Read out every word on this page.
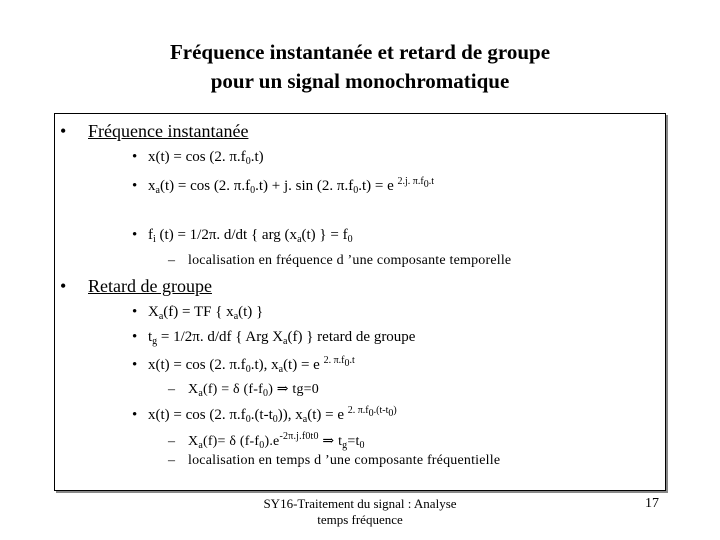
Fréquence instantanée et retard de groupe
pour un signal monochromatique
• Fréquence instantanée
• x(t) = cos (2. $\pi.f_0.t$)
• $x_a(t) = \cos (2$. $\pi.f_0.t) + j$. sin (2. $\pi.f_0.t) = e$ $^{2.j. \pi.f_0.t}$
• $f_i$ (t) = 1/2π. d/dt { arg ($x_a(t)$ } = $f_0$
– localisation en fréquence d ’une composante temporelle
• Retard de groupe
• $X_a(f)$ = TF { $x_a(t)$ }
• $t_g = 1/2\pi$. d/df { Arg $X_a(f)$ } retard de groupe
• x(t) = cos (2. $\pi.f_0.t$), $x_a(t) = e$ $^{2. \pi.f_0.t}$
– $X_a(f) = \delta$ $(f-f_0)$ ⇒ tg=0
• x(t) = cos (2. $\pi.f_0.(t-t_0)$), $x_a(t) = e$ $^{2. \pi.f_0.(t-t_0)}$
– $X_a(f)= \delta$ $(f-f_0).e^{-2\pi.j.f0t0}$ ⇒ $t_g=t_0$
– localisation en temps d ’une composante fréquentielle
SY16-Traitement du signal : Analyse
temps fréquence
17
